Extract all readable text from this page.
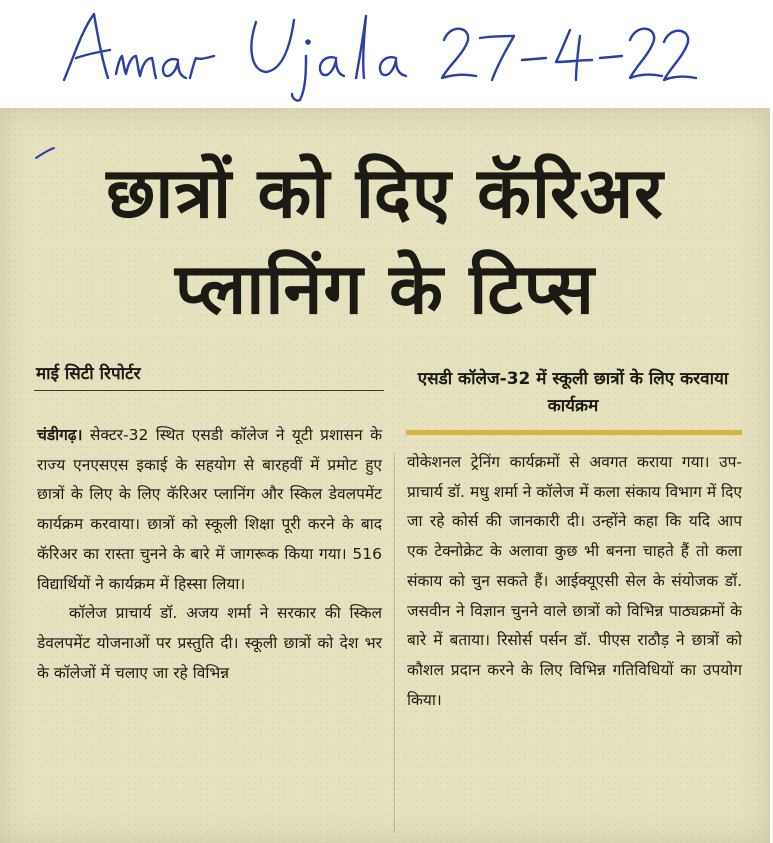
छात्रों को दिए कॅरिअर
प्लानिंग के टिप्स
माई सिटी रिपोर्टर	एसडी कॉलेज-32 में स्कूली छात्रों के लिए करवाया कार्यक्रम

चंडीगढ़। सेक्टर-32 स्थित एसडी कॉलेज ने यूटी प्रशासन के राज्य एनएसएस इकाई के सहयोग से बारहवीं में प्रमोट हुए छात्रों के लिए के लिए कॅरिअर प्लानिंग और स्किल डेवलपमेंट कार्यक्रम करवाया। छात्रों को स्कूली शिक्षा पूरी करने के बाद कॅरिअर का रास्ता चुनने के बारे में जागरूक किया गया। 516 विद्यार्थियों ने कार्यक्रम में हिस्सा लिया।

कॉलेज प्राचार्य डॉ. अजय शर्मा ने सरकार की स्किल डेवलपमेंट योजनाओं पर प्रस्तुति दी। स्कूली छात्रों को देश भर के कॉलेजों में चलाए जा रहे विभिन्न

वोकेशनल ट्रेनिंग कार्यक्रमों से अवगत कराया गया। उप-प्राचार्य डॉ. मधु शर्मा ने कॉलेज में कला संकाय विभाग में दिए जा रहे कोर्स की जानकारी दी। उन्होंने कहा कि यदि आप एक टेक्नोक्रेट के अलावा कुछ भी बनना चाहते हैं तो कला संकाय को चुन सकते हैं। आईक्यूएसी सेल के संयोजक डॉ. जसवीन ने विज्ञान चुनने वाले छात्रों को विभिन्न पाठ्यक्रमों के बारे में बताया। रिसोर्स पर्सन डॉ. पीएस राठौड़ ने छात्रों को कौशल प्रदान करने के लिए विभिन्न गतिविधियों का उपयोग किया।
